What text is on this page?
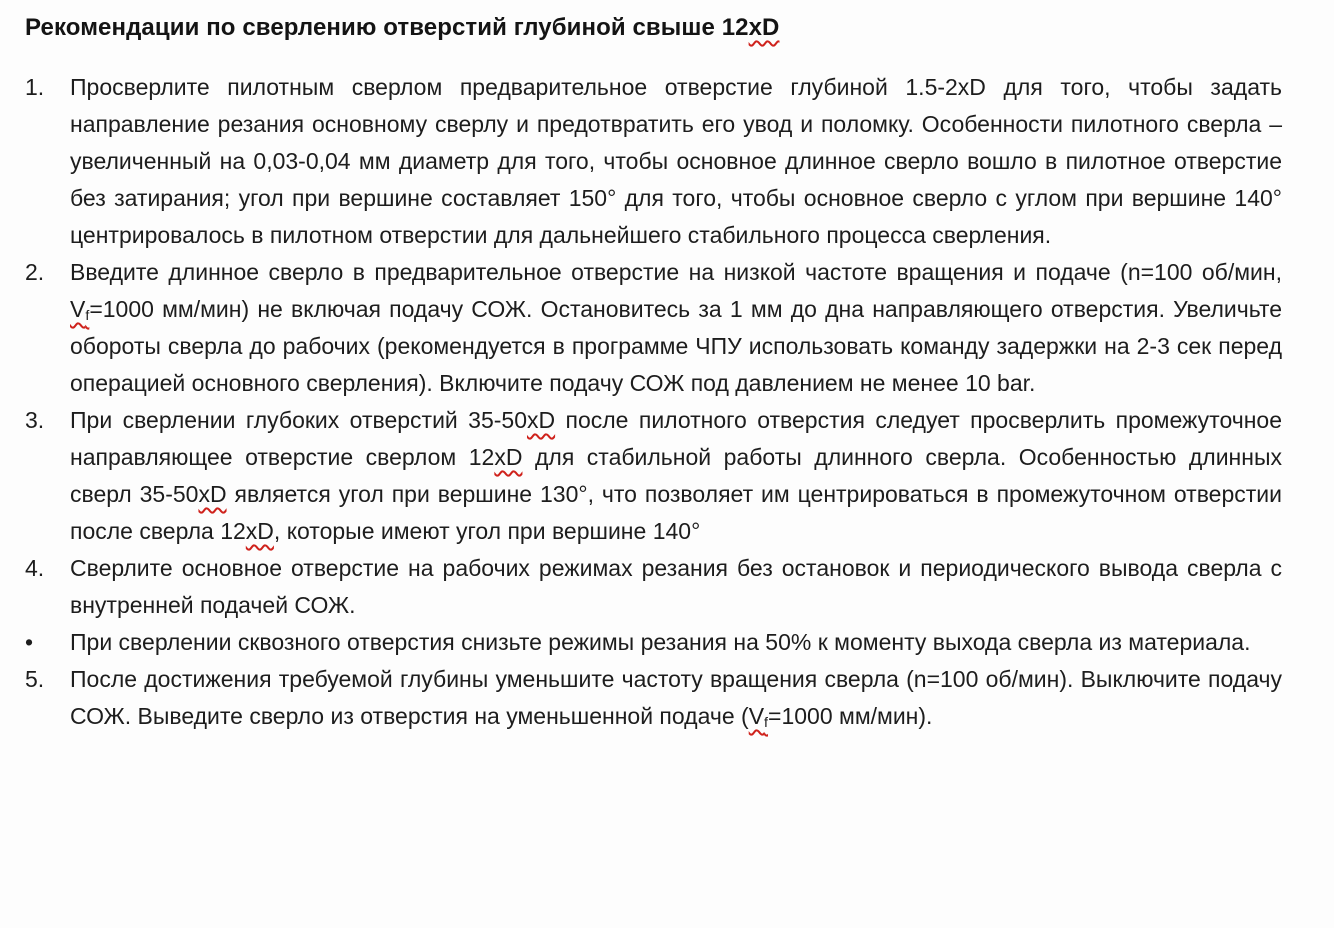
Рекомендации по сверлению отверстий глубиной свыше 12xD
1.	Просверлите пилотным сверлом предварительное отверстие глубиной 1.5-2xD для того, чтобы задать направление резания основному сверлу и предотвратить его увод и поломку. Особенности пилотного сверла – увеличенный на 0,03-0,04 мм диаметр для того, чтобы основное длинное сверло вошло в пилотное отверстие без затирания; угол при вершине составляет 150° для того, чтобы основное сверло с углом при вершине 140° центрировалось в пилотном отверстии для дальнейшего стабильного процесса сверления.
2.	Введите длинное сверло в предварительное отверстие на низкой частоте вращения и подаче (n=100 об/мин, $V_f=1000$ мм/мин) не включая подачу СОЖ. Остановитесь за 1 мм до дна направляющего отверстия. Увеличьте обороты сверла до рабочих (рекомендуется в программе ЧПУ использовать команду задержки на 2-3 сек перед операцией основного сверления). Включите подачу СОЖ под давлением не менее 10 bar.
3.	При сверлении глубоких отверстий 35-50xD после пилотного отверстия следует просверлить промежуточное направляющее отверстие сверлом 12xD для стабильной работы длинного сверла. Особенностью длинных сверл 35-50xD является угол при вершине 130°, что позволяет им центрироваться в промежуточном отверстии после сверла 12xD, которые имеют угол при вершине 140°
4.	Сверлите основное отверстие на рабочих режимах резания без остановок и периодического вывода сверла с внутренней подачей СОЖ.
•	При сверлении сквозного отверстия снизьте режимы резания на 50% к моменту выхода сверла из материала.
5.	После достижения требуемой глубины уменьшите частоту вращения сверла (n=100 об/мин). Выключите подачу СОЖ. Выведите сверло из отверстия на уменьшенной подаче ($V_f=1000$ мм/мин).
